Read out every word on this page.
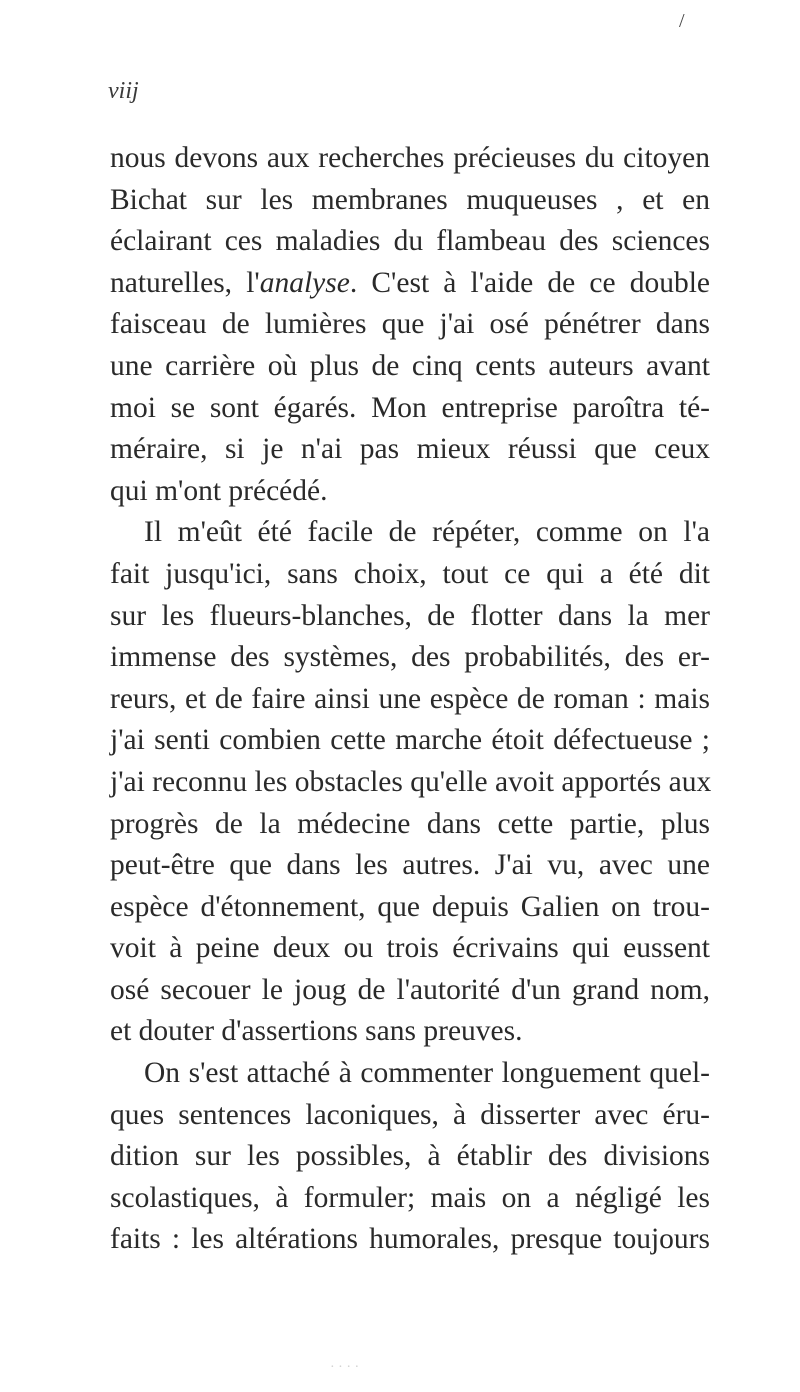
/
viij
nous devons aux recherches précieuses du citoyen
Bichat sur les membranes muqueuses , et en
éclairant ces maladies du flambeau des sciences
naturelles, l'analyse. C'est à l'aide de ce double
faisceau de lumières que j'ai osé pénétrer dans
une carrière où plus de cinq cents auteurs avant
moi se sont égarés. Mon entreprise paroîtra té-
méraire, si je n'ai pas mieux réussi que ceux
qui m'ont précédé.
Il m'eût été facile de répéter, comme on l'a
fait jusqu'ici, sans choix, tout ce qui a été dit
sur les flueurs-blanches, de flotter dans la mer
immense des systèmes, des probabilités, des er-
reurs, et de faire ainsi une espèce de roman : mais
j'ai senti combien cette marche étoit défectueuse ;
j'ai reconnu les obstacles qu'elle avoit apportés aux
progrès de la médecine dans cette partie, plus
peut-être que dans les autres. J'ai vu, avec une
espèce d'étonnement, que depuis Galien on trou-
voit à peine deux ou trois écrivains qui eussent
osé secouer le joug de l'autorité d'un grand nom,
et douter d'assertions sans preuves.
On s'est attaché à commenter longuement quel-
ques sentences laconiques, à disserter avec éru-
dition sur les possibles, à établir des divisions
scolastiques, à formuler; mais on a négligé les
faits : les altérations humorales, presque toujours
· · · ·
